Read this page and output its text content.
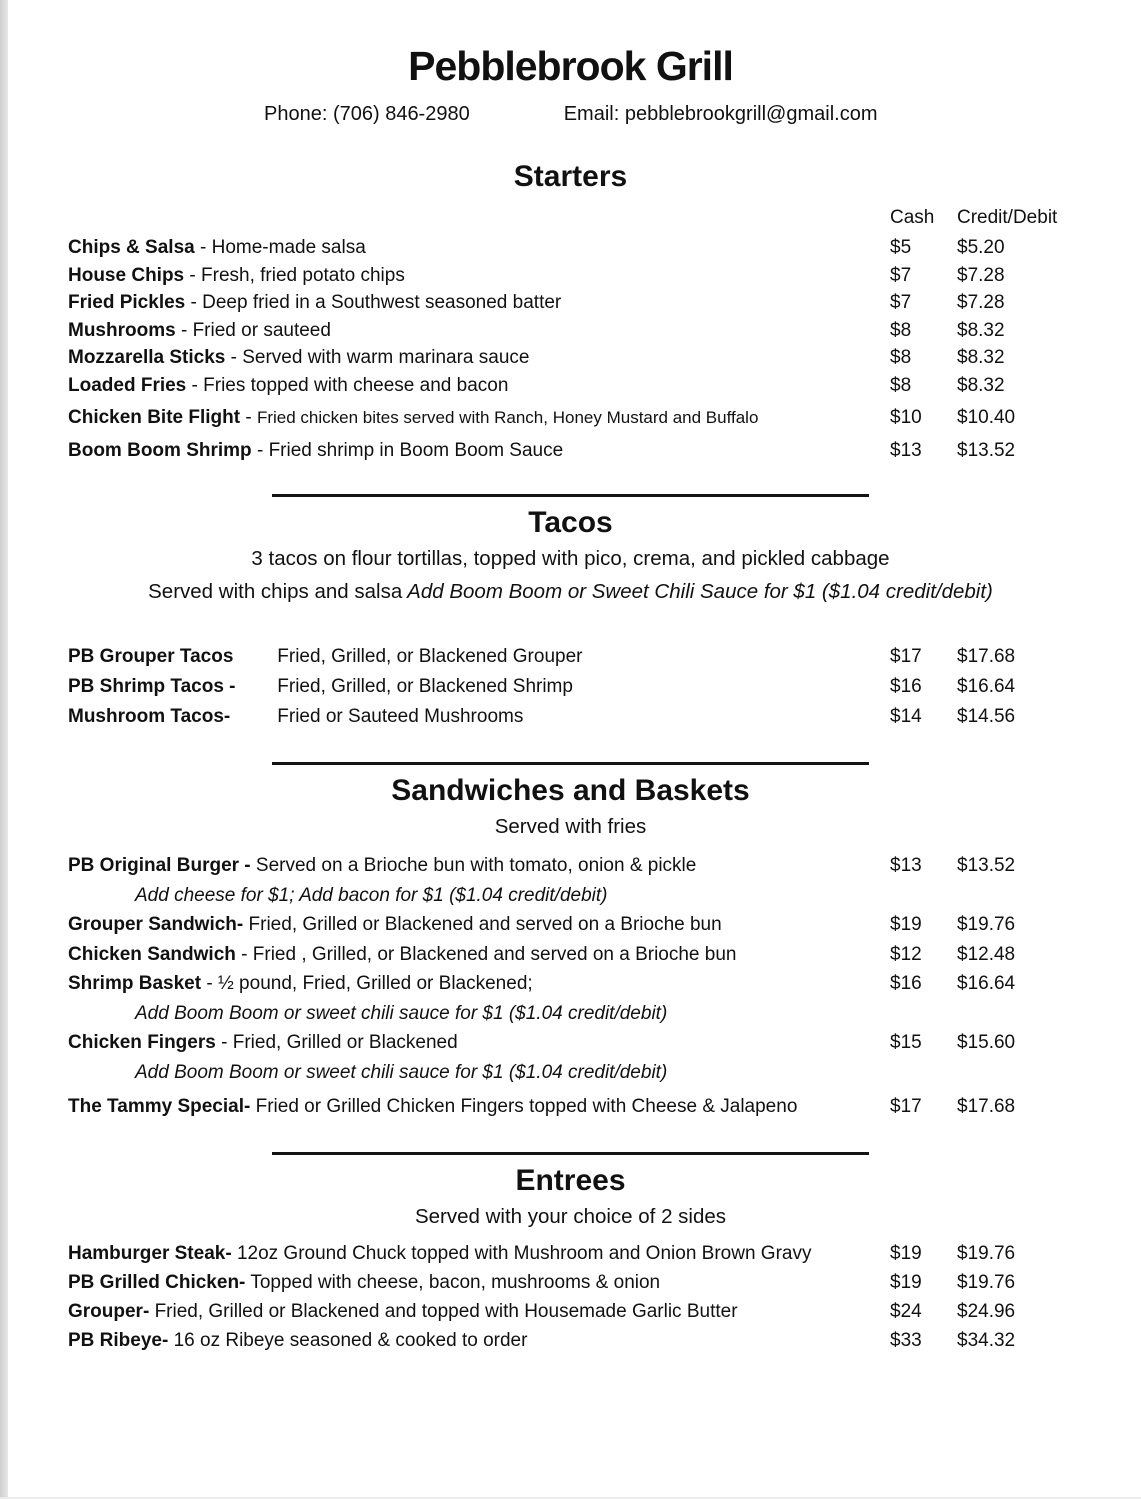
Pebblebrook Grill
Phone: (706) 846-2980	Email: pebblebrookgrill@gmail.com
Starters
Cash Credit/Debit
Chips & Salsa - Home-made salsa	$5 $5.20
House Chips - Fresh, fried potato chips	$7 $7.28
Fried Pickles - Deep fried in a Southwest seasoned batter	$7 $7.28
Mushrooms - Fried or sauteed	$8 $8.32
Mozzarella Sticks - Served with warm marinara sauce	$8 $8.32
Loaded Fries - Fries topped with cheese and bacon	$8 $8.32
Chicken Bite Flight - Fried chicken bites served with Ranch, Honey Mustard and Buffalo	$10 $10.40
Boom Boom Shrimp - Fried shrimp in Boom Boom Sauce	$13 $13.52
Tacos

3 tacos on flour tortillas, topped with pico, crema, and pickled cabbage

Served with chips and salsa Add Boom Boom or Sweet Chili Sauce for $1 ($1.04 credit/debit)

PB Grouper Tacos Fried, Grilled, or Blackened Grouper	$17 $17.68
PB Shrimp Tacos - Fried, Grilled, or Blackened Shrimp	$16 $16.64
Mushroom Tacos- Fried or Sauteed Mushrooms	$14 $14.56
Sandwiches and Baskets

Served with fries

PB Original Burger - Served on a Brioche bun with tomato, onion & pickle	$13 $13.52
Add cheese for $1; Add bacon for $1 ($1.04 credit/debit)
Grouper Sandwich- Fried, Grilled or Blackened and served on a Brioche bun	$19 $19.76
Chicken Sandwich - Fried , Grilled, or Blackened and served on a Brioche bun	$12 $12.48
Shrimp Basket - ½ pound, Fried, Grilled or Blackened;	$16 $16.64
Add Boom Boom or sweet chili sauce for $1 ($1.04 credit/debit)
Chicken Fingers - Fried, Grilled or Blackened	$15 $15.60
Add Boom Boom or sweet chili sauce for $1 ($1.04 credit/debit)
The Tammy Special- Fried or Grilled Chicken Fingers topped with Cheese & Jalapeno	$17 $17.68
Entrees

Served with your choice of 2 sides

Hamburger Steak- 12oz Ground Chuck topped with Mushroom and Onion Brown Gravy	$19 $19.76
PB Grilled Chicken- Topped with cheese, bacon, mushrooms & onion	$19 $19.76
Grouper- Fried, Grilled or Blackened and topped with Housemade Garlic Butter	$24 $24.96
PB Ribeye- 16 oz Ribeye seasoned & cooked to order	$33 $34.32
